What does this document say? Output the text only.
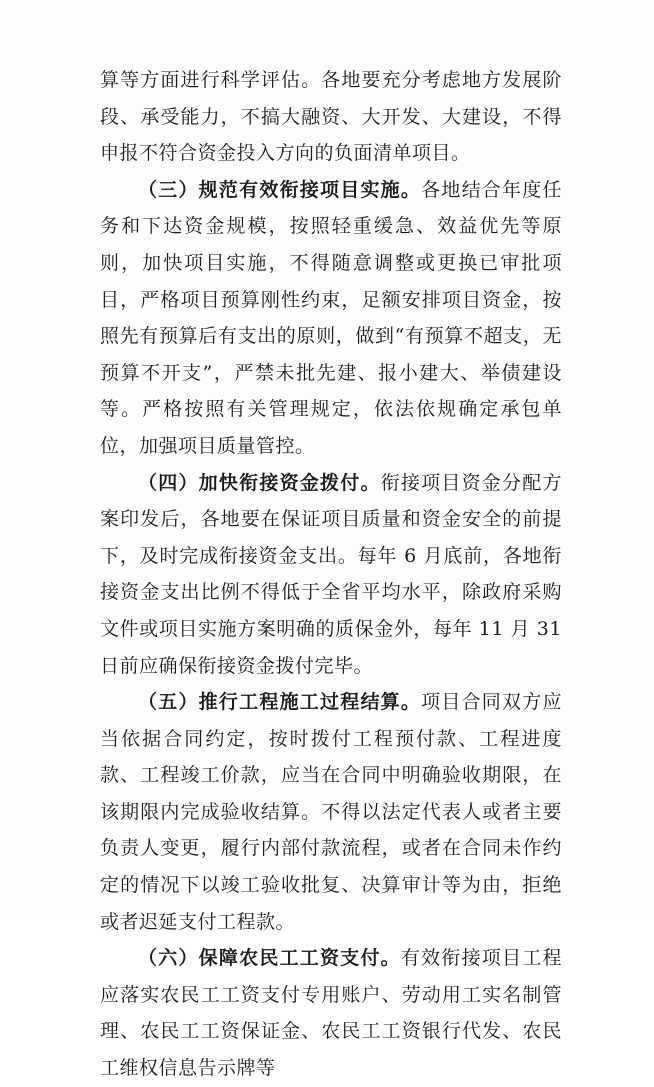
算等方面进行科学评估。各地要充分考虑地方发展阶段、承受能力，不搞大融资、大开发、大建设，不得申报不符合资金投入方向的负面清单项目。

（三）规范有效衔接项目实施。各地结合年度任务和下达资金规模，按照轻重缓急、效益优先等原则，加快项目实施，不得随意调整或更换已审批项目，严格项目预算刚性约束，足额安排项目资金，按照先有预算后有支出的原则，做到“有预算不超支，无预算不开支”，严禁未批先建、报小建大、举债建设等。严格按照有关管理规定，依法依规确定承包单位，加强项目质量管控。

（四）加快衔接资金拨付。衔接项目资金分配方案印发后，各地要在保证项目质量和资金安全的前提下，及时完成衔接资金支出。每年 6 月底前，各地衔接资金支出比例不得低于全省平均水平，除政府采购文件或项目实施方案明确的质保金外，每年 11 月 31 日前应确保衔接资金拨付完毕。

（五）推行工程施工过程结算。项目合同双方应当依据合同约定，按时拨付工程预付款、工程进度款、工程竣工价款，应当在合同中明确验收期限，在该期限内完成验收结算。不得以法定代表人或者主要负责人变更，履行内部付款流程，或者在合同未作约定的情况下以竣工验收批复、决算审计等为由，拒绝或者迟延支付工程款。

（六）保障农民工工资支付。有效衔接项目工程应落实农民工工资支付专用账户、劳动用工实名制管理、农民工工资保证金、农民工工资银行代发、农民工维权信息告示牌等
